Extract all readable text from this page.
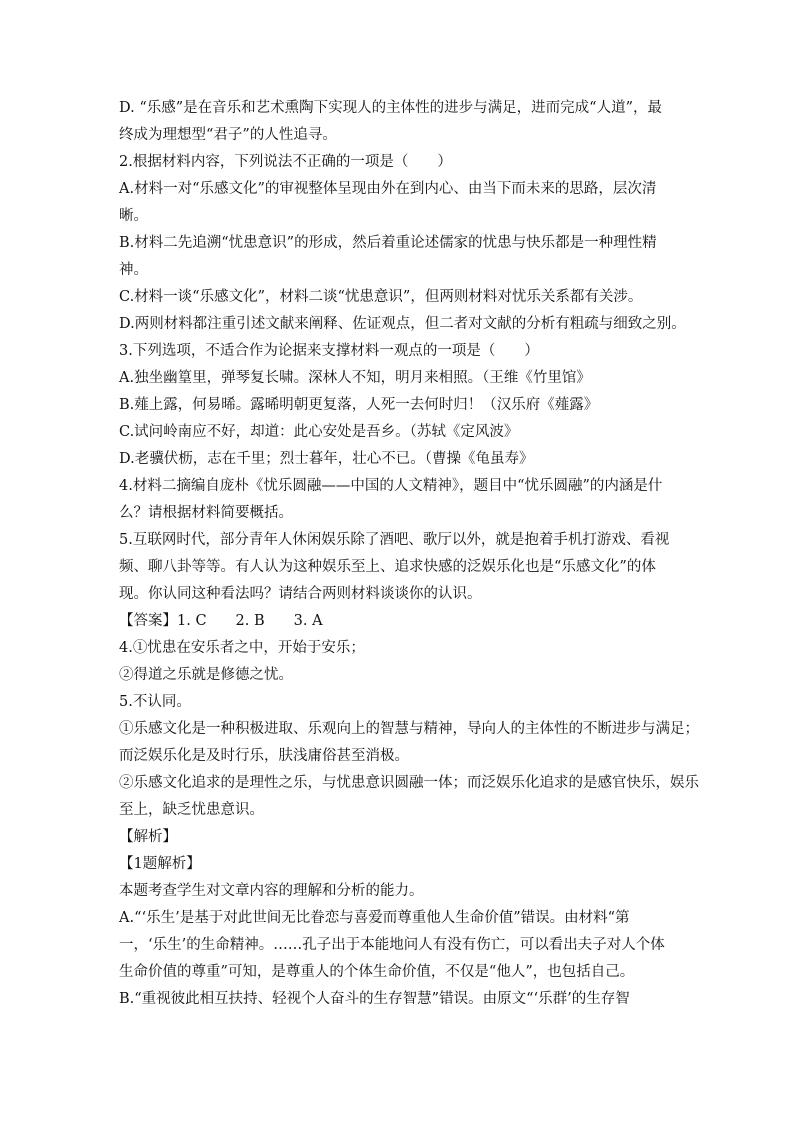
D. “乐感”是在音乐和艺术熏陶下实现人的主体性的进步与满足，进而完成“人道”，最
终成为理想型“君子”的人性追寻。
2.根据材料内容，下列说法不正确的一项是（　　）
A.材料一对“乐感文化”的审视整体呈现由外在到内心、由当下而未来的思路，层次清
晰。
B.材料二先追溯“忧患意识”的形成，然后着重论述儒家的忧患与快乐都是一种理性精
神。
C.材料一谈“乐感文化”，材料二谈“忧患意识”，但两则材料对忧乐关系都有关涉。
D.两则材料都注重引述文献来阐释、佐证观点，但二者对文献的分析有粗疏与细致之别。
3.下列选项，不适合作为论据来支撑材料一观点的一项是（　　）
A.独坐幽篁里，弹琴复长啸。深林人不知，明月来相照。（王维《竹里馆》
B.薤上露，何易晞。露晞明朝更复落，人死一去何时归！（汉乐府《薤露》
C.试问岭南应不好，却道：此心安处是吾乡。（苏轼《定风波》
D.老骥伏枥，志在千里；烈士暮年，壮心不已。（曹操《龟虽寿》
4.材料二摘编自庞朴《忧乐圆融——中国的人文精神》，题目中“忧乐圆融”的内涵是什
么？请根据材料简要概括。
5.互联网时代，部分青年人休闲娱乐除了酒吧、歌厅以外，就是抱着手机打游戏、看视
频、聊八卦等等。有人认为这种娱乐至上、追求快感的泛娱乐化也是“乐感文化”的体
现。你认同这种看法吗？请结合两则材料谈谈你的认识。
【答案】1. C　　2. B　　3. A
4.①忧患在安乐者之中，开始于安乐；
②得道之乐就是修德之忧。
5.不认同。
①乐感文化是一种积极进取、乐观向上的智慧与精神，导向人的主体性的不断进步与满足；
而泛娱乐化是及时行乐，肤浅庸俗甚至消极。
②乐感文化追求的是理性之乐，与忧患意识圆融一体；而泛娱乐化追求的是感官快乐，娱乐
至上，缺乏忧患意识。
【解析】
【1题解析】
本题考查学生对文章内容的理解和分析的能力。
A.“‘乐生’是基于对此世间无比眷恋与喜爱而尊重他人生命价值”错误。由材料“第
一，‘乐生’的生命精神。……孔子出于本能地问人有没有伤亡，可以看出夫子对人个体
生命价值的尊重”可知，是尊重人的个体生命价值，不仅是“他人”，也包括自己。
B.“重视彼此相互扶持、轻视个人奋斗的生存智慧”错误。由原文“‘乐群’的生存智
